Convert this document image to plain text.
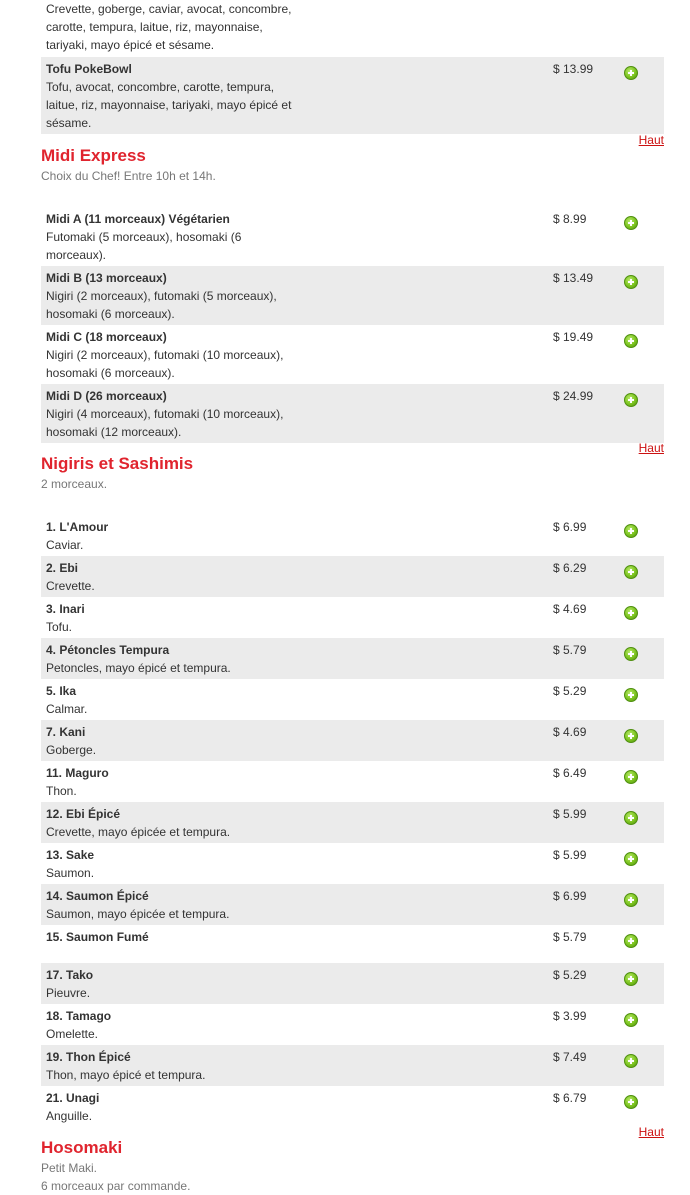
Crevette, goberge, caviar, avocat, concombre, carotte, tempura, laitue, riz, mayonnaise, tariyaki, mayo épicé et sésame.
Tofu PokeBowl
Tofu, avocat, concombre, carotte, tempura, laitue, riz, mayonnaise, tariyaki, mayo épicé et sésame.
$ 13.99
Haut
Midi Express
Choix du Chef! Entre 10h et 14h.
Midi A (11 morceaux) Végétarien
Futomaki (5 morceaux), hosomaki (6 morceaux).
$ 8.99
Midi B (13 morceaux)
Nigiri (2 morceaux), futomaki (5 morceaux), hosomaki (6 morceaux).
$ 13.49
Midi C (18 morceaux)
Nigiri (2 morceaux), futomaki (10 morceaux), hosomaki (6 morceaux).
$ 19.49
Midi D (26 morceaux)
Nigiri (4 morceaux), futomaki (10 morceaux), hosomaki (12 morceaux).
$ 24.99
Haut
Nigiris et Sashimis
2 morceaux.
1. L'Amour
Caviar.
$ 6.99
2. Ebi
Crevette.
$ 6.29
3. Inari
Tofu.
$ 4.69
4. Pétoncles Tempura
Petoncles, mayo épicé et tempura.
$ 5.79
5. Ika
Calmar.
$ 5.29
7. Kani
Goberge.
$ 4.69
11. Maguro
Thon.
$ 6.49
12. Ebi Épicé
Crevette, mayo épicée et tempura.
$ 5.99
13. Sake
Saumon.
$ 5.99
14. Saumon Épicé
Saumon, mayo épicée et tempura.
$ 6.99
15. Saumon Fumé	$ 5.79
17. Tako
Pieuvre.
$ 5.29
18. Tamago
Omelette.
$ 3.99
19. Thon Épicé
Thon, mayo épicé et tempura.
$ 7.49
21. Unagi
Anguille.
$ 6.79
Haut
Hosomaki
Petit Maki.
6 morceaux par commande.
